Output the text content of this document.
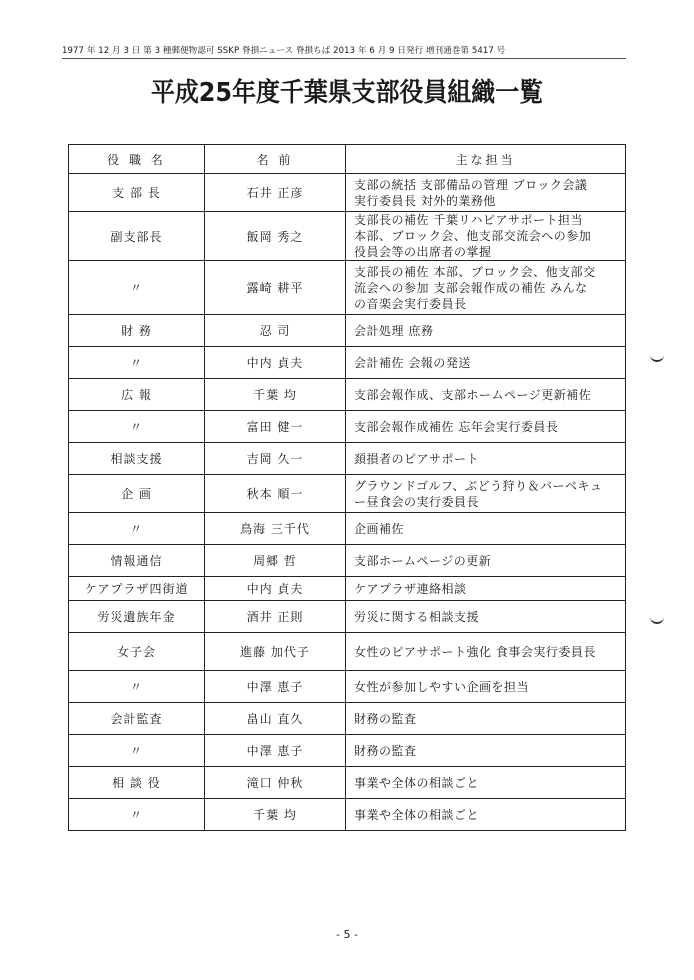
1977 年 12 月 3 日 第 3 種郵便物認可 SSKP 脊損ニュース 脊損ちば 2013 年 6 月 9 日発行 増刊通巻第 5417 号
平成25年度千葉県支部役員組織一覧
役 職 名	名 前	主な担当
支 部 長	石井 正彦	支部の統括 支部備品の管理 ブロック会議
実行委員長 対外的業務他

副支部長	飯岡 秀之	支部長の補佐 千葉リハピアサポート担当
本部、ブロック会、他支部交流会への参加
役員会等の出席者の掌握

〃	露崎 耕平	支部長の補佐 本部、ブロック会、他支部交
流会への参加 支部会報作成の補佐 みんな
の音楽会実行委員長

財 務	忍 司	会計処理 庶務

〃	中内 貞夫	会計補佐 会報の発送

広 報	千葉 均	支部会報作成、支部ホームページ更新補佐

〃	富田 健一	支部会報作成補佐 忘年会実行委員長

相談支援	吉岡 久一	頚損者のピアサポート

企 画	秋本 順一	グラウンドゴルフ、ぶどう狩り＆バーベキュ
ー昼食会の実行委員長

〃	鳥海 三千代	企画補佐

情報通信	周郷 哲	支部ホームページの更新

ケアプラザ四街道	中内 貞夫	ケアプラザ連絡相談

労災遺族年金	酒井 正則	労災に関する相談支援

女子会	進藤 加代子	女性のピアサポート強化 食事会実行委員長

〃	中澤 恵子	女性が参加しやすい企画を担当

会計監査	畠山 直久	財務の監査

〃	中澤 恵子	財務の監査

相 談 役	滝口 仲秋	事業や全体の相談ごと

〃	千葉 均	事業や全体の相談ごと
- 5 -
